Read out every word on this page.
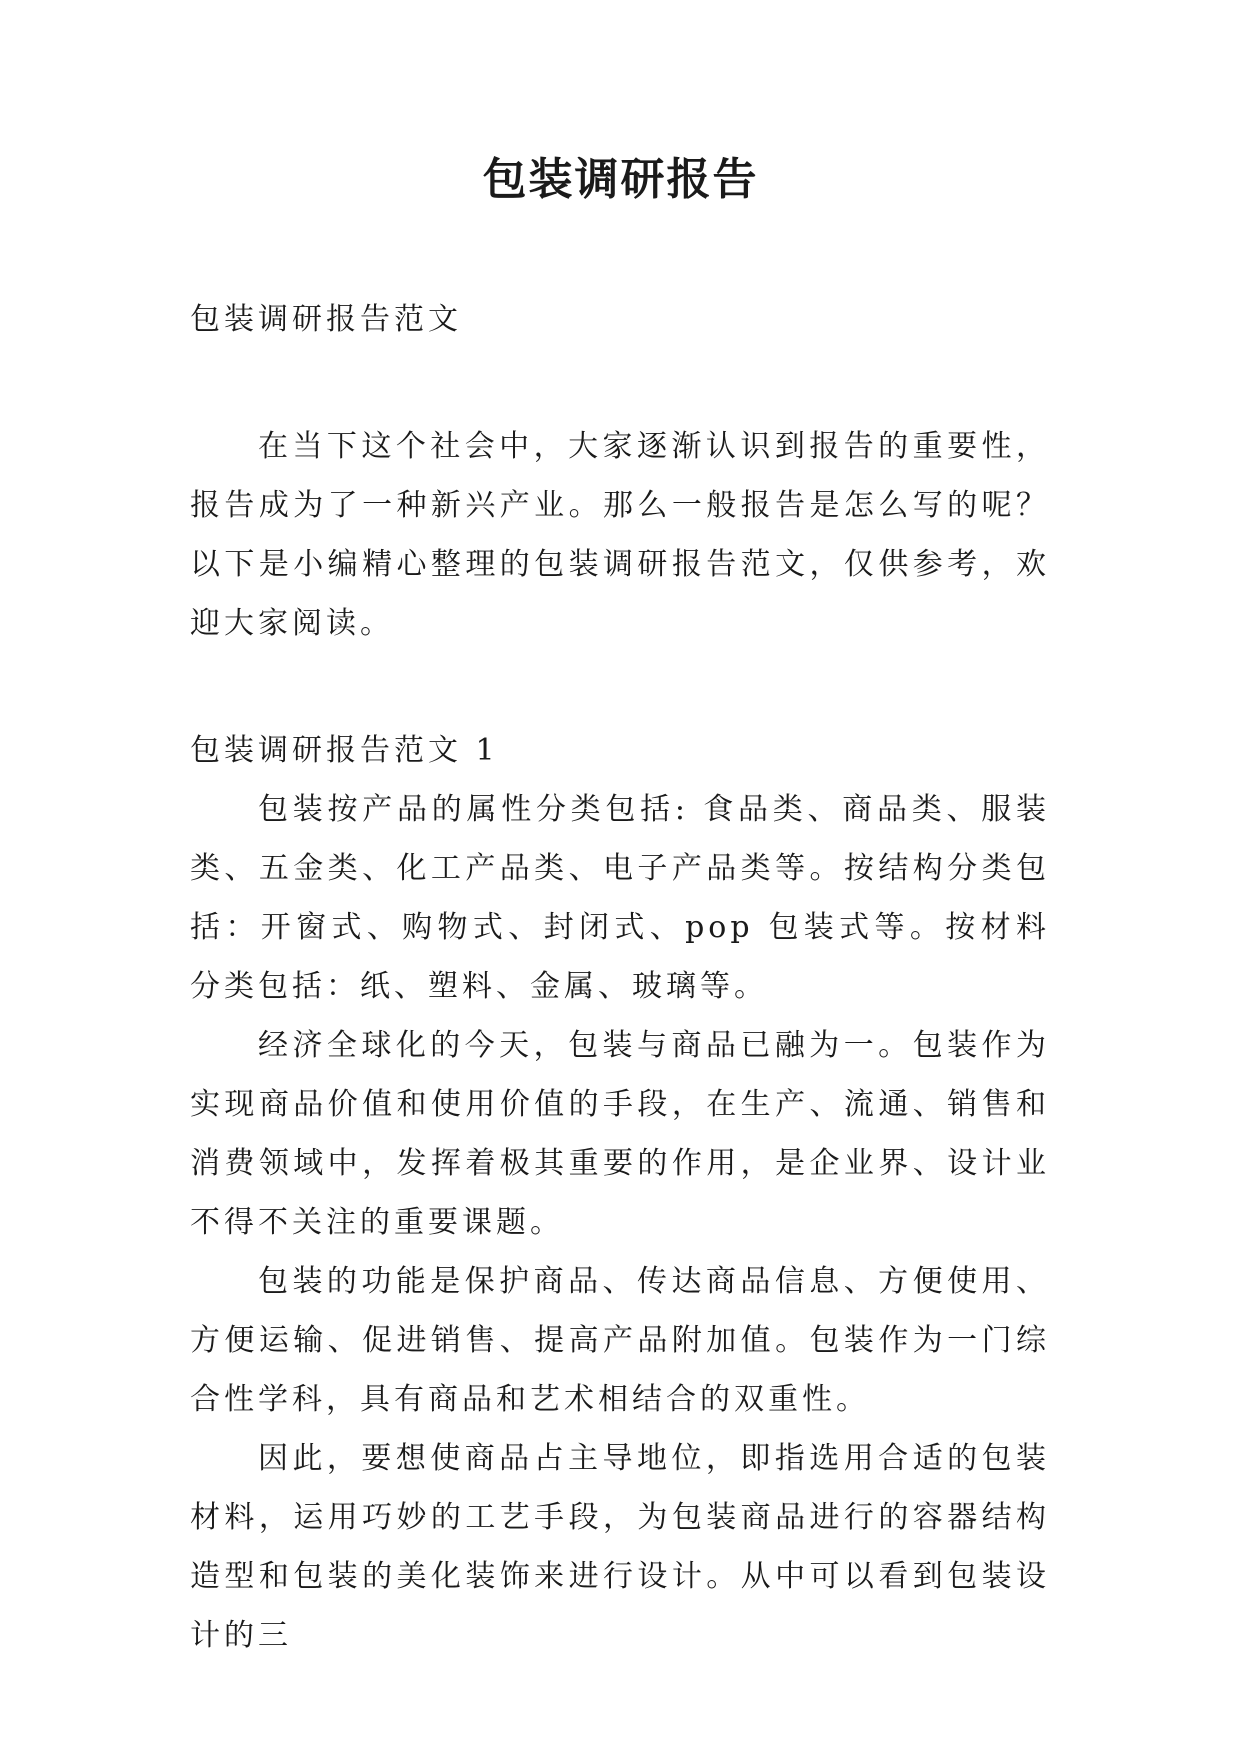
包装调研报告

包装调研报告范文

在当下这个社会中，大家逐渐认识到报告的重要性，报告成为了一种新兴产业。那么一般报告是怎么写的呢？以下是小编精心整理的包装调研报告范文，仅供参考，欢迎大家阅读。

包装调研报告范文 1

包装按产品的属性分类包括: 食品类、商品类、服装类、五金类、化工产品类、电子产品类等。按结构分类包括：开窗式、购物式、封闭式、pop 包装式等。按材料分类包括：纸、塑料、金属、玻璃等。

经济全球化的今天，包装与商品已融为一。包装作为实现商品价值和使用价值的手段，在生产、流通、销售和消费领域中，发挥着极其重要的作用，是企业界、设计业不得不关注的重要课题。

包装的功能是保护商品、传达商品信息、方便使用、方便运输、促进销售、提高产品附加值。包装作为一门综合性学科，具有商品和艺术相结合的双重性。

因此，要想使商品占主导地位，即指选用合适的包装材料，运用巧妙的工艺手段，为包装商品进行的容器结构造型和包装的美化装饰来进行设计。从中可以看到包装设计的三
